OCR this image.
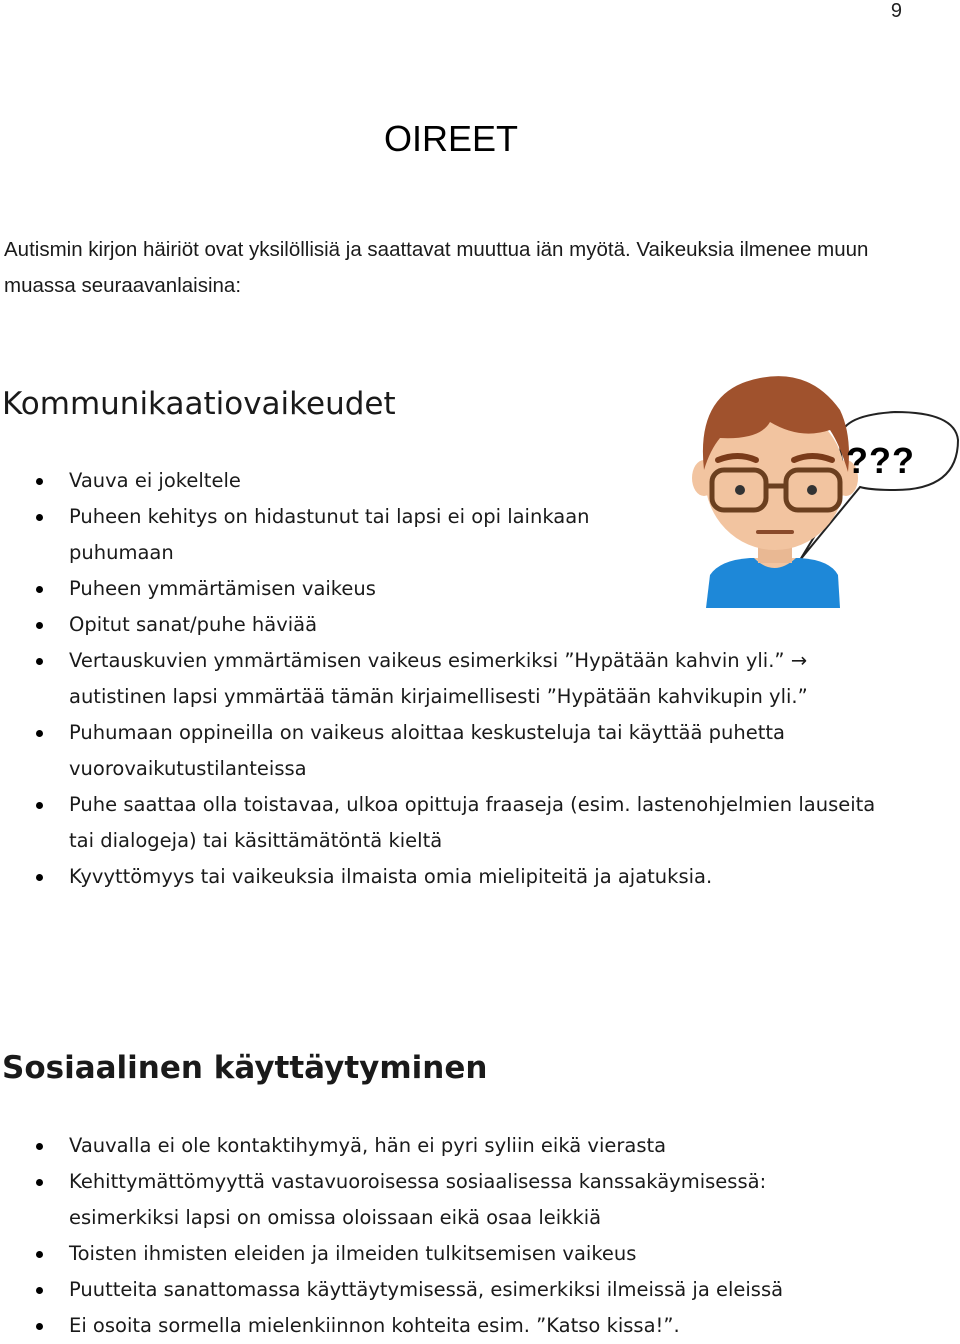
9
OIREET
Autismin kirjon häiriöt ovat yksilöllisiä ja saattavat muuttua iän myötä. Vaikeuksia ilmenee muun muassa seuraavanlaisina:
Kommunikaatiovaikeudet
Vauva ei jokeltele
Puheen kehitys on hidastunut tai lapsi ei opi lainkaan puhumaan
Puheen ymmärtämisen vaikeus
Opitut sanat/puhe häviää
Vertauskuvien ymmärtämisen vaikeus esimerkiksi ”Hypätään kahvin yli.” → autistinen lapsi ymmärtää tämän kirjaimellisesti ”Hypätään kahvikupin yli.”
Puhumaan oppineilla on vaikeus aloittaa keskusteluja tai käyttää puhetta vuorovaikutustilanteissa
Puhe saattaa olla toistavaa, ulkoa opittuja fraaseja (esim. lastenohjelmien lauseita tai dialogeja) tai käsittämätöntä kieltä
Kyvyttömyys tai vaikeuksia ilmaista omia mielipiteitä ja ajatuksia.
???
Sosiaalinen käyttäytyminen
Vauvalla ei ole kontaktihymyä, hän ei pyri syliin eikä vierasta
Kehittymättömyyttä vastavuoroisessa sosiaalisessa kanssakäymisessä: esimerkiksi lapsi on omissa oloissaan eikä osaa leikkiä
Toisten ihmisten eleiden ja ilmeiden tulkitsemisen vaikeus
Puutteita sanattomassa käyttäytymisessä, esimerkiksi ilmeissä ja eleissä
Ei osoita sormella mielenkiinnon kohteita esim. ”Katso kissa!”.
